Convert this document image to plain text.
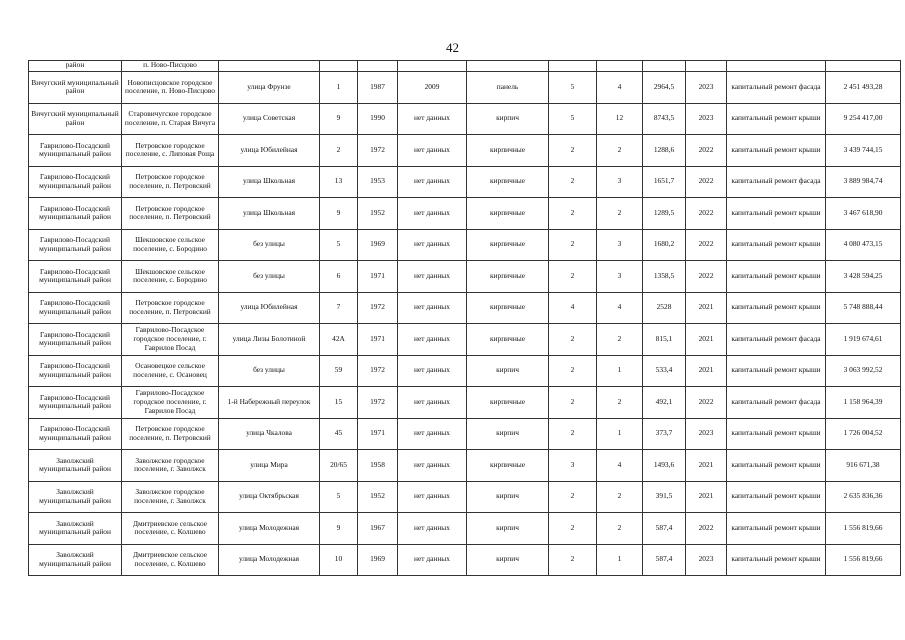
42
район	п. Ново-Писцово											
Вичугский муниципальный район	Новописцовское городское поселение, п. Ново-Писцово	улица Фрунзе	1	1987	2009	панель	5	4	2964,5	2023	капитальный ремонт фасада	2 451 493,28
Вичугский муниципальный район	Старовичугское городское поселение, п. Старая Вичуга	улица Советская	9	1990	нет данных	кирпич	5	12	8743,5	2023	капитальный ремонт крыши	9 254 417,00
Гаврилово-Посадский муниципальный район	Петровское городское поселение, с. Липовая Роща	улица Юбилейная	2	1972	нет данных	кирпичные	2	2	1288,6	2022	капитальный ремонт крыши	3 439 744,15
Гаврилово-Посадский муниципальный район	Петровское городское поселение, п. Петровский	улица Школьная	13	1953	нет данных	кирпичные	2	3	1651,7	2022	капитальный ремонт фасада	3 889 984,74
Гаврилово-Посадский муниципальный район	Петровское городское поселение, п. Петровский	улица Школьная	9	1952	нет данных	кирпичные	2	2	1289,5	2022	капитальный ремонт крыши	3 467 618,90
Гаврилово-Посадский муниципальный район	Шекшовское сельское поселение, с. Бородино	без улицы	5	1969	нет данных	кирпичные	2	3	1680,2	2022	капитальный ремонт крыши	4 080 473,15
Гаврилово-Посадский муниципальный район	Шекшовское сельское поселение, с. Бородино	без улицы	6	1971	нет данных	кирпичные	2	3	1358,5	2022	капитальный ремонт крыши	3 428 594,25
Гаврилово-Посадский муниципальный район	Петровское городское поселение, п. Петровский	улица Юбилейная	7	1972	нет данных	кирпичные	4	4	2528	2021	капитальный ремонт крыши	5 748 888,44
Гаврилово-Посадский муниципальный район	Гаврилово-Посадское городское поселение, г. Гаврилов Посад	улица Лизы Болотиной	42А	1971	нет данных	кирпичные	2	2	815,1	2021	капитальный ремонт фасада	1 919 674,61
Гаврилово-Посадский муниципальный район	Осановецкое сельское поселение, с. Осановец	без улицы	59	1972	нет данных	кирпич	2	1	533,4	2021	капитальный ремонт крыши	3 063 992,52
Гаврилово-Посадский муниципальный район	Гаврилово-Посадское городское поселение, г. Гаврилов Посад	1-й Набережный переулок	15	1972	нет данных	кирпичные	2	2	492,1	2022	капитальный ремонт фасада	1 158 964,39
Гаврилово-Посадский муниципальный район	Петровское городское поселение, п. Петровский	улица Чкалова	45	1971	нет данных	кирпич	2	1	373,7	2023	капитальный ремонт крыши	1 726 004,52
Заволжский муниципальный район	Заволжское городское поселение, г. Заволжск	улица Мира	20/65	1958	нет данных	кирпичные	3	4	1493,6	2021	капитальный ремонт крыши	916 671,38
Заволжский муниципальный район	Заволжское городское поселение, г. Заволжск	улица Октябрьская	5	1952	нет данных	кирпич	2	2	391,5	2021	капитальный ремонт крыши	2 635 836,36
Заволжский муниципальный район	Дмитриевское сельское поселение, с. Колшево	улица Молодежная	9	1967	нет данных	кирпич	2	2	587,4	2022	капитальный ремонт крыши	1 556 819,66
Заволжский муниципальный район	Дмитриевское сельское поселение, с. Колшево	улица Молодежная	10	1969	нет данных	кирпич	2	1	587,4	2023	капитальный ремонт крыши	1 556 819,66
